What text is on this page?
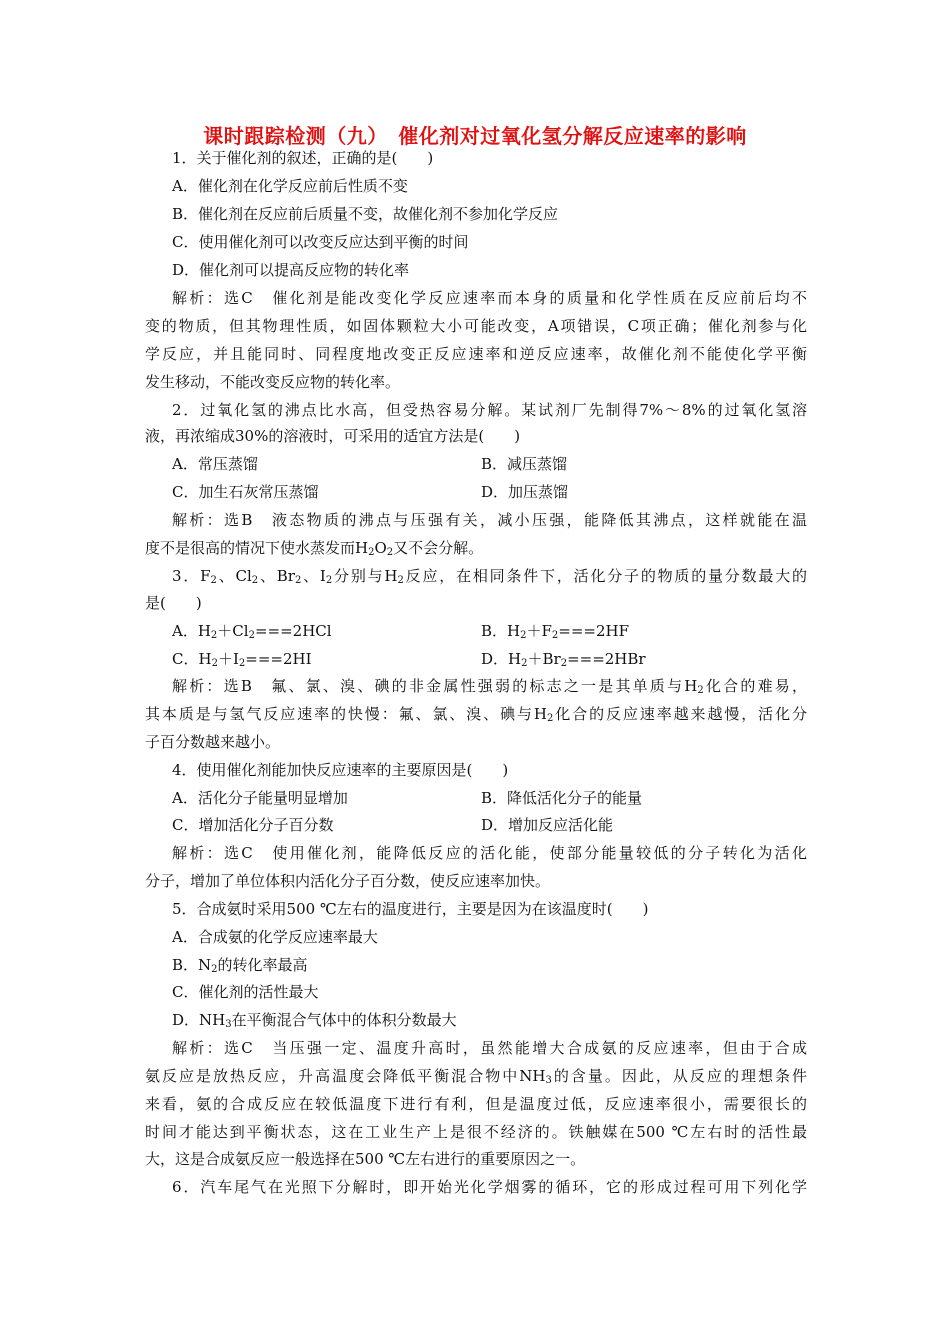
课时跟踪检测（九）　催化剂对过氧化氢分解反应速率的影响
1．关于催化剂的叙述，正确的是(　　)
A．催化剂在化学反应前后性质不变
B．催化剂在反应前后质量不变，故催化剂不参加化学反应
C．使用催化剂可以改变反应达到平衡的时间
D．催化剂可以提高反应物的转化率
解析：选C　催化剂是能改变化学反应速率而本身的质量和化学性质在反应前后均不
变的物质，但其物理性质，如固体颗粒大小可能改变，A项错误，C项正确；催化剂参与化
学反应，并且能同时、同程度地改变正反应速率和逆反应速率，故催化剂不能使化学平衡
发生移动，不能改变反应物的转化率。
2．过氧化氢的沸点比水高，但受热容易分解。某试剂厂先制得7%～8%的过氧化氢溶
液，再浓缩成30%的溶液时，可采用的适宜方法是(　　)
A．常压蒸馏	B．减压蒸馏
C．加生石灰常压蒸馏	D．加压蒸馏
解析：选B　液态物质的沸点与压强有关，减小压强，能降低其沸点，这样就能在温
度不是很高的情况下使水蒸发而$H_2O_2$又不会分解。
3．$F_2$、$Cl_2$、$Br_2$、$I_2$分别与$H_2$反应，在相同条件下，活化分子的物质的量分数最大的
是(　　)
A．$H_2+Cl_2===2HCl$	B．$H_2+F_2===2HF$
C．$H_2+I_2===2HI$	D．$H_2+Br_2===2HBr$
解析：选B　氟、氯、溴、碘的非金属性强弱的标志之一是其单质与$H_2$化合的难易，
其本质是与氢气反应速率的快慢：氟、氯、溴、碘与$H_2$化合的反应速率越来越慢，活化分
子百分数越来越小。
4．使用催化剂能加快反应速率的主要原因是(　　)
A．活化分子能量明显增加	B．降低活化分子的能量
C．增加活化分子百分数	D．增加反应活化能
解析：选C　使用催化剂，能降低反应的活化能，使部分能量较低的分子转化为活化
分子，增加了单位体积内活化分子百分数，使反应速率加快。
5．合成氨时采用500 ℃左右的温度进行，主要是因为在该温度时(　　)
A．合成氨的化学反应速率最大
B．$N_2$的转化率最高
C．催化剂的活性最大
D．$NH_3$在平衡混合气体中的体积分数最大
解析：选C　当压强一定、温度升高时，虽然能增大合成氨的反应速率，但由于合成
氨反应是放热反应，升高温度会降低平衡混合物中$NH_3$的含量。因此，从反应的理想条件
来看，氨的合成反应在较低温度下进行有利，但是温度过低，反应速率很小，需要很长的
时间才能达到平衡状态，这在工业生产上是很不经济的。铁触媒在500 ℃左右时的活性最
大，这是合成氨反应一般选择在500 ℃左右进行的重要原因之一。
6．汽车尾气在光照下分解时，即开始光化学烟雾的循环，它的形成过程可用下列化学
